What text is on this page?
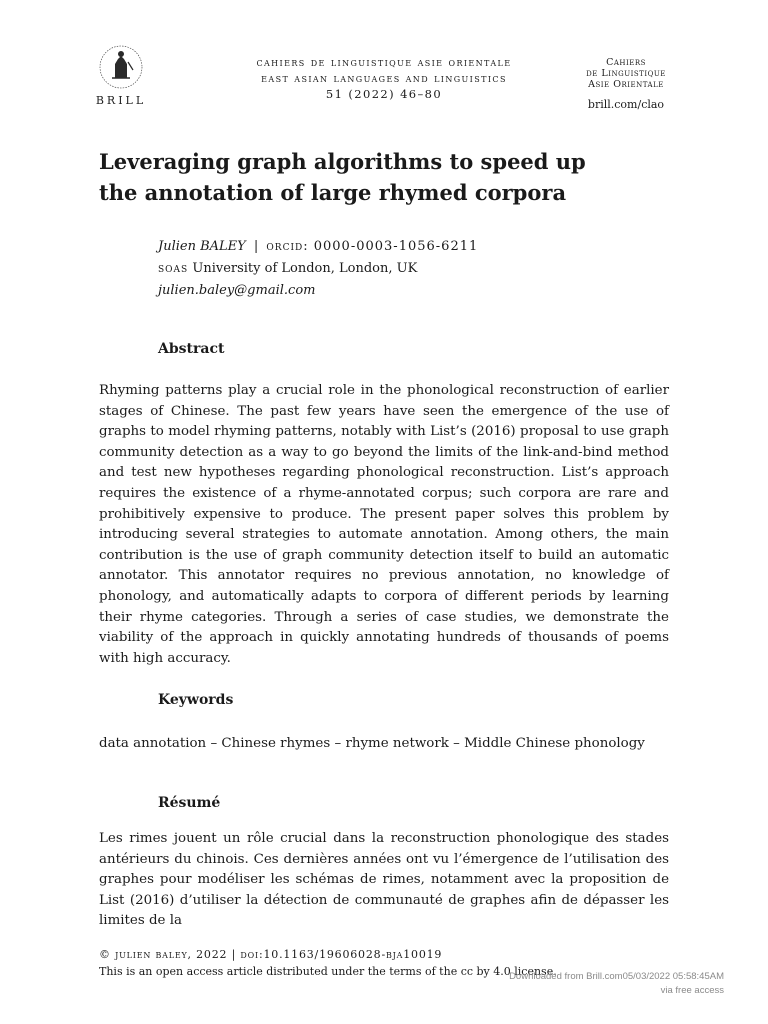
BRILL
cahiers de linguistique asie orientale
east asian languages and linguistics
51 (2022) 46–80
Cahiers
de Linguistique
Asie Orientale
brill.com/clao
Leveraging graph algorithms to speed up
the annotation of large rhymed corpora
Julien BALEY | orcid: 0000-0003-1056-6211
soas University of London, London, UK
julien.baley@gmail.com
Abstract
Rhyming patterns play a crucial role in the phonological reconstruction of earlier stages of Chinese. The past few years have seen the emergence of the use of graphs to model rhyming patterns, notably with List’s (2016) proposal to use graph community detection as a way to go beyond the limits of the link-and-bind method and test new hypotheses regarding phonological reconstruction. List’s approach requires the existence of a rhyme-annotated corpus; such corpora are rare and prohibitively expensive to produce. The present paper solves this problem by introducing several strategies to automate annotation. Among others, the main contribution is the use of graph community detection itself to build an automatic annotator. This annotator requires no previous annotation, no knowledge of phonology, and automatically adapts to corpora of different periods by learning their rhyme categories. Through a series of case studies, we demonstrate the viability of the approach in quickly annotating hundreds of thousands of poems with high accuracy.
Keywords
data annotation – Chinese rhymes – rhyme network – Middle Chinese phonology
Résumé
Les rimes jouent un rôle crucial dans la reconstruction phonologique des stades antérieurs du chinois. Ces dernières années ont vu l’émergence de l’utilisation des graphes pour modéliser les schémas de rimes, notamment avec la proposition de List (2016) d’utiliser la détection de communauté de graphes afin de dépasser les limites de la
© julien baley, 2022 | doi:10.1163/19606028-bja10019
This is an open access article distributed under the terms of the cc by 4.0 license.
Downloaded from Brill.com05/03/2022 05:58:45AM
via free access
